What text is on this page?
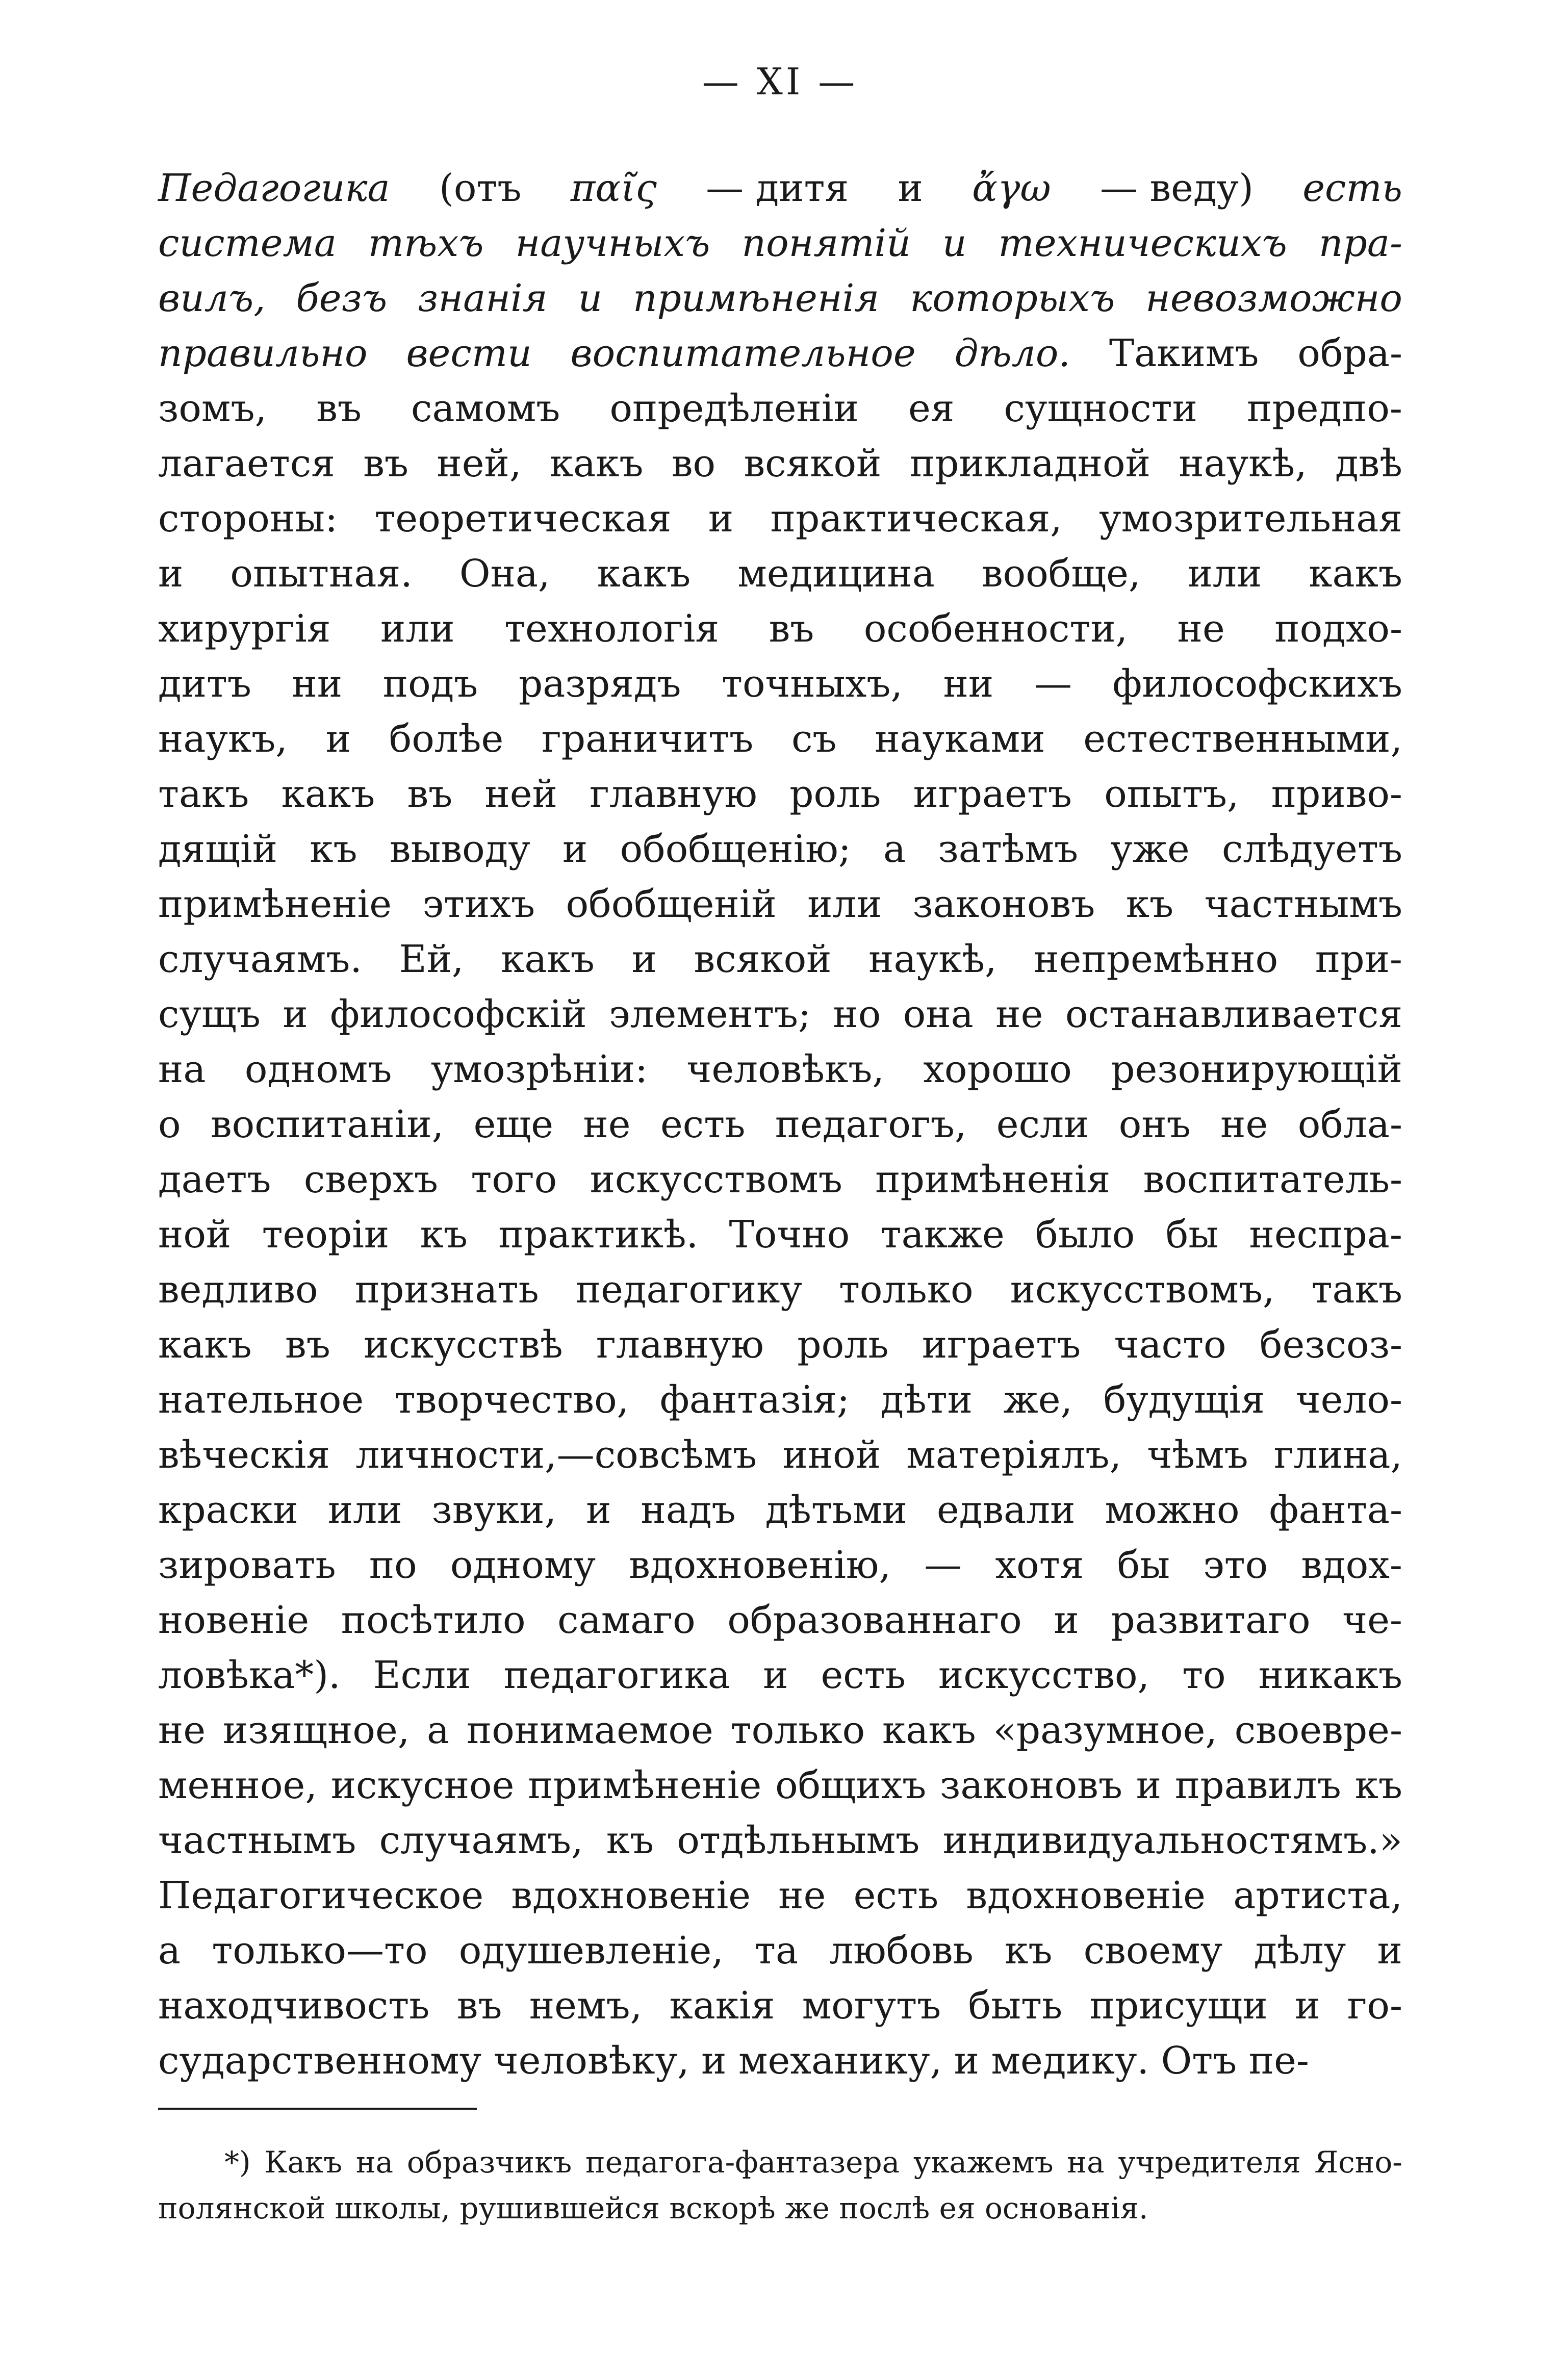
— XI —
Педагогика (отъ παῖς — дитя и ἄγω — веду) есть
система тѣхъ научныхъ понятій и техническихъ пра-
вилъ, безъ знанія и примѣненія которыхъ невозможно
правильно вести воспитательное дѣло. Такимъ обра-
зомъ, въ самомъ опредѣленіи ея сущности предпо-
лагается въ ней, какъ во всякой прикладной наукѣ, двѣ
стороны: теоретическая и практическая, умозрительная
и опытная. Она, какъ медицина вообще, или какъ
хирургія или технологія въ особенности, не подхо-
дитъ ни подъ разрядъ точныхъ, ни — философскихъ
наукъ, и болѣе граничитъ съ науками естественными,
такъ какъ въ ней главную роль играетъ опытъ, приво-
дящій къ выводу и обобщенію; а затѣмъ уже слѣдуетъ
примѣненіе этихъ обобщеній или законовъ къ частнымъ
случаямъ. Ей, какъ и всякой наукѣ, непремѣнно при-
сущъ и философскій элементъ; но она не останавливается
на одномъ умозрѣніи: человѣкъ, хорошо резонирующій
о воспитаніи, еще не есть педагогъ, если онъ не обла-
даетъ сверхъ того искусствомъ примѣненія воспитатель-
ной теоріи къ практикѣ. Точно также было бы неспра-
ведливо признать педагогику только искусствомъ, такъ
какъ въ искусствѣ главную роль играетъ часто безсоз-
нательное творчество, фантазія; дѣти же, будущія чело-
вѣческія личности,—совсѣмъ иной матеріялъ, чѣмъ глина,
краски или звуки, и надъ дѣтьми едвали можно фанта-
зировать по одному вдохновенію, — хотя бы это вдох-
новеніе посѣтило самаго образованнаго и развитаго че-
ловѣка*). Если педагогика и есть искусство, то никакъ
не изящное, а понимаемое только какъ «разумное, своевре-
менное, искусное примѣненіе общихъ законовъ и правилъ къ
частнымъ случаямъ, къ отдѣльнымъ индивидуальностямъ.»
Педагогическое вдохновеніе не есть вдохновеніе артиста,
а только—то одушевленіе, та любовь къ своему дѣлу и
находчивость въ немъ, какія могутъ быть присущи и го-
сударственному человѣку, и механику, и медику. Отъ пе-
*) Какъ на образчикъ педагога-фантазера укажемъ на учредителя Ясно-
полянской школы, рушившейся вскорѣ же послѣ ея основанія.
